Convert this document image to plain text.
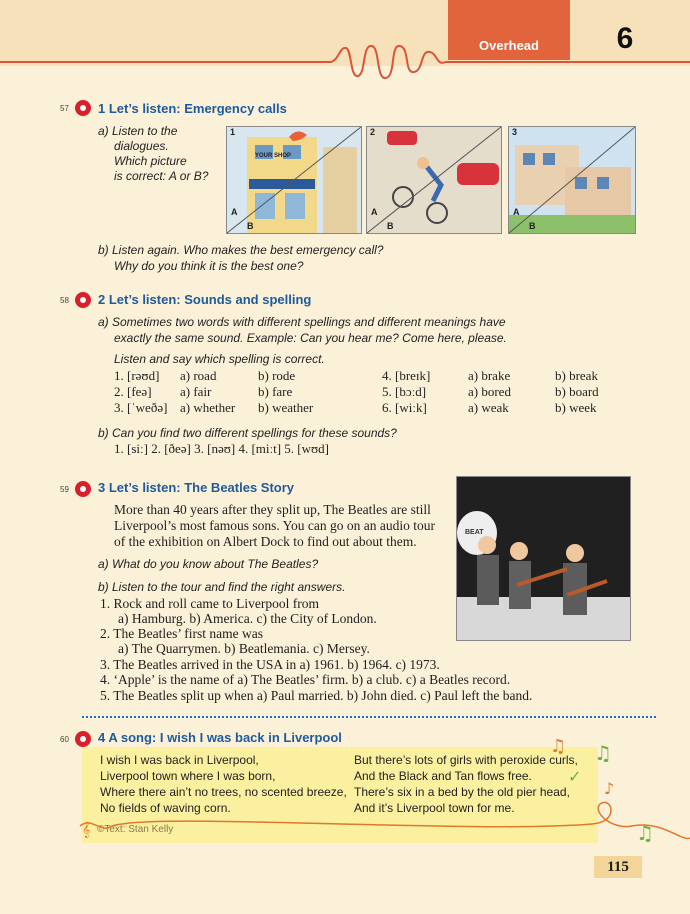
Overhead	6
57 1 Let’s listen: Emergency calls
a) Listen to the
dialogues.
Which picture
is correct: A or B?
1
YOUR SHOP
A
B
2
A
B
3
A
B
b) Listen again. Who makes the best emergency call?
Why do you think it is the best one?
58 2 Let’s listen: Sounds and spelling
a) Sometimes two words with different spellings and different meanings have
exactly the same sound. Example: Can you hear me? Come here, please.
Listen and say which spelling is correct.
1. [rəʊd] a) road	b) rode	4. [breɪk]	a) brake	b) break
2. [feə] a) fair	b) fare	5. [bɔːd]	a) bored	b) board
3. [ˈweðə] a) whether b) weather	6. [wiːk]	a) weak	b) week
b) Can you find two different spellings for these sounds?
1. [siː] 2. [ðeə] 3. [nəʊ] 4. [miːt] 5. [wʊd]
59 3 Let’s listen: The Beatles Story
More than 40 years after they split up, The Beatles are still
Liverpool’s most famous sons. You can go on an audio tour
of the exhibition on Albert Dock to find out about them.
a) What do you know about The Beatles?
b) Listen to the tour and find the right answers.
1. Rock and roll came to Liverpool from
a) Hamburg. b) America. c) the City of London.
2. The Beatles’ first name was
a) The Quarrymen. b) Beatlemania. c) Mersey.
3. The Beatles arrived in the USA in a) 1961. b) 1964. c) 1973.
4. ‘Apple’ is the name of a) The Beatles’ firm. b) a club. c) a Beatles record.
5. The Beatles split up when a) Paul married. b) John died. c) Paul left the band.
BEAT
60 4 A song: I wish I was back in Liverpool
I wish I was back in Liverpool,
Liverpool town where I was born,
Where there ain’t no trees, no scented breeze,
No fields of waving corn.
But there’s lots of girls with peroxide curls,
And the Black and Tan flows free.
There’s six in a bed by the old pier head,
And it’s Liverpool town for me.
©Text: Stan Kelly
𝄞
♫ ♫
✓
♪
♫
115
